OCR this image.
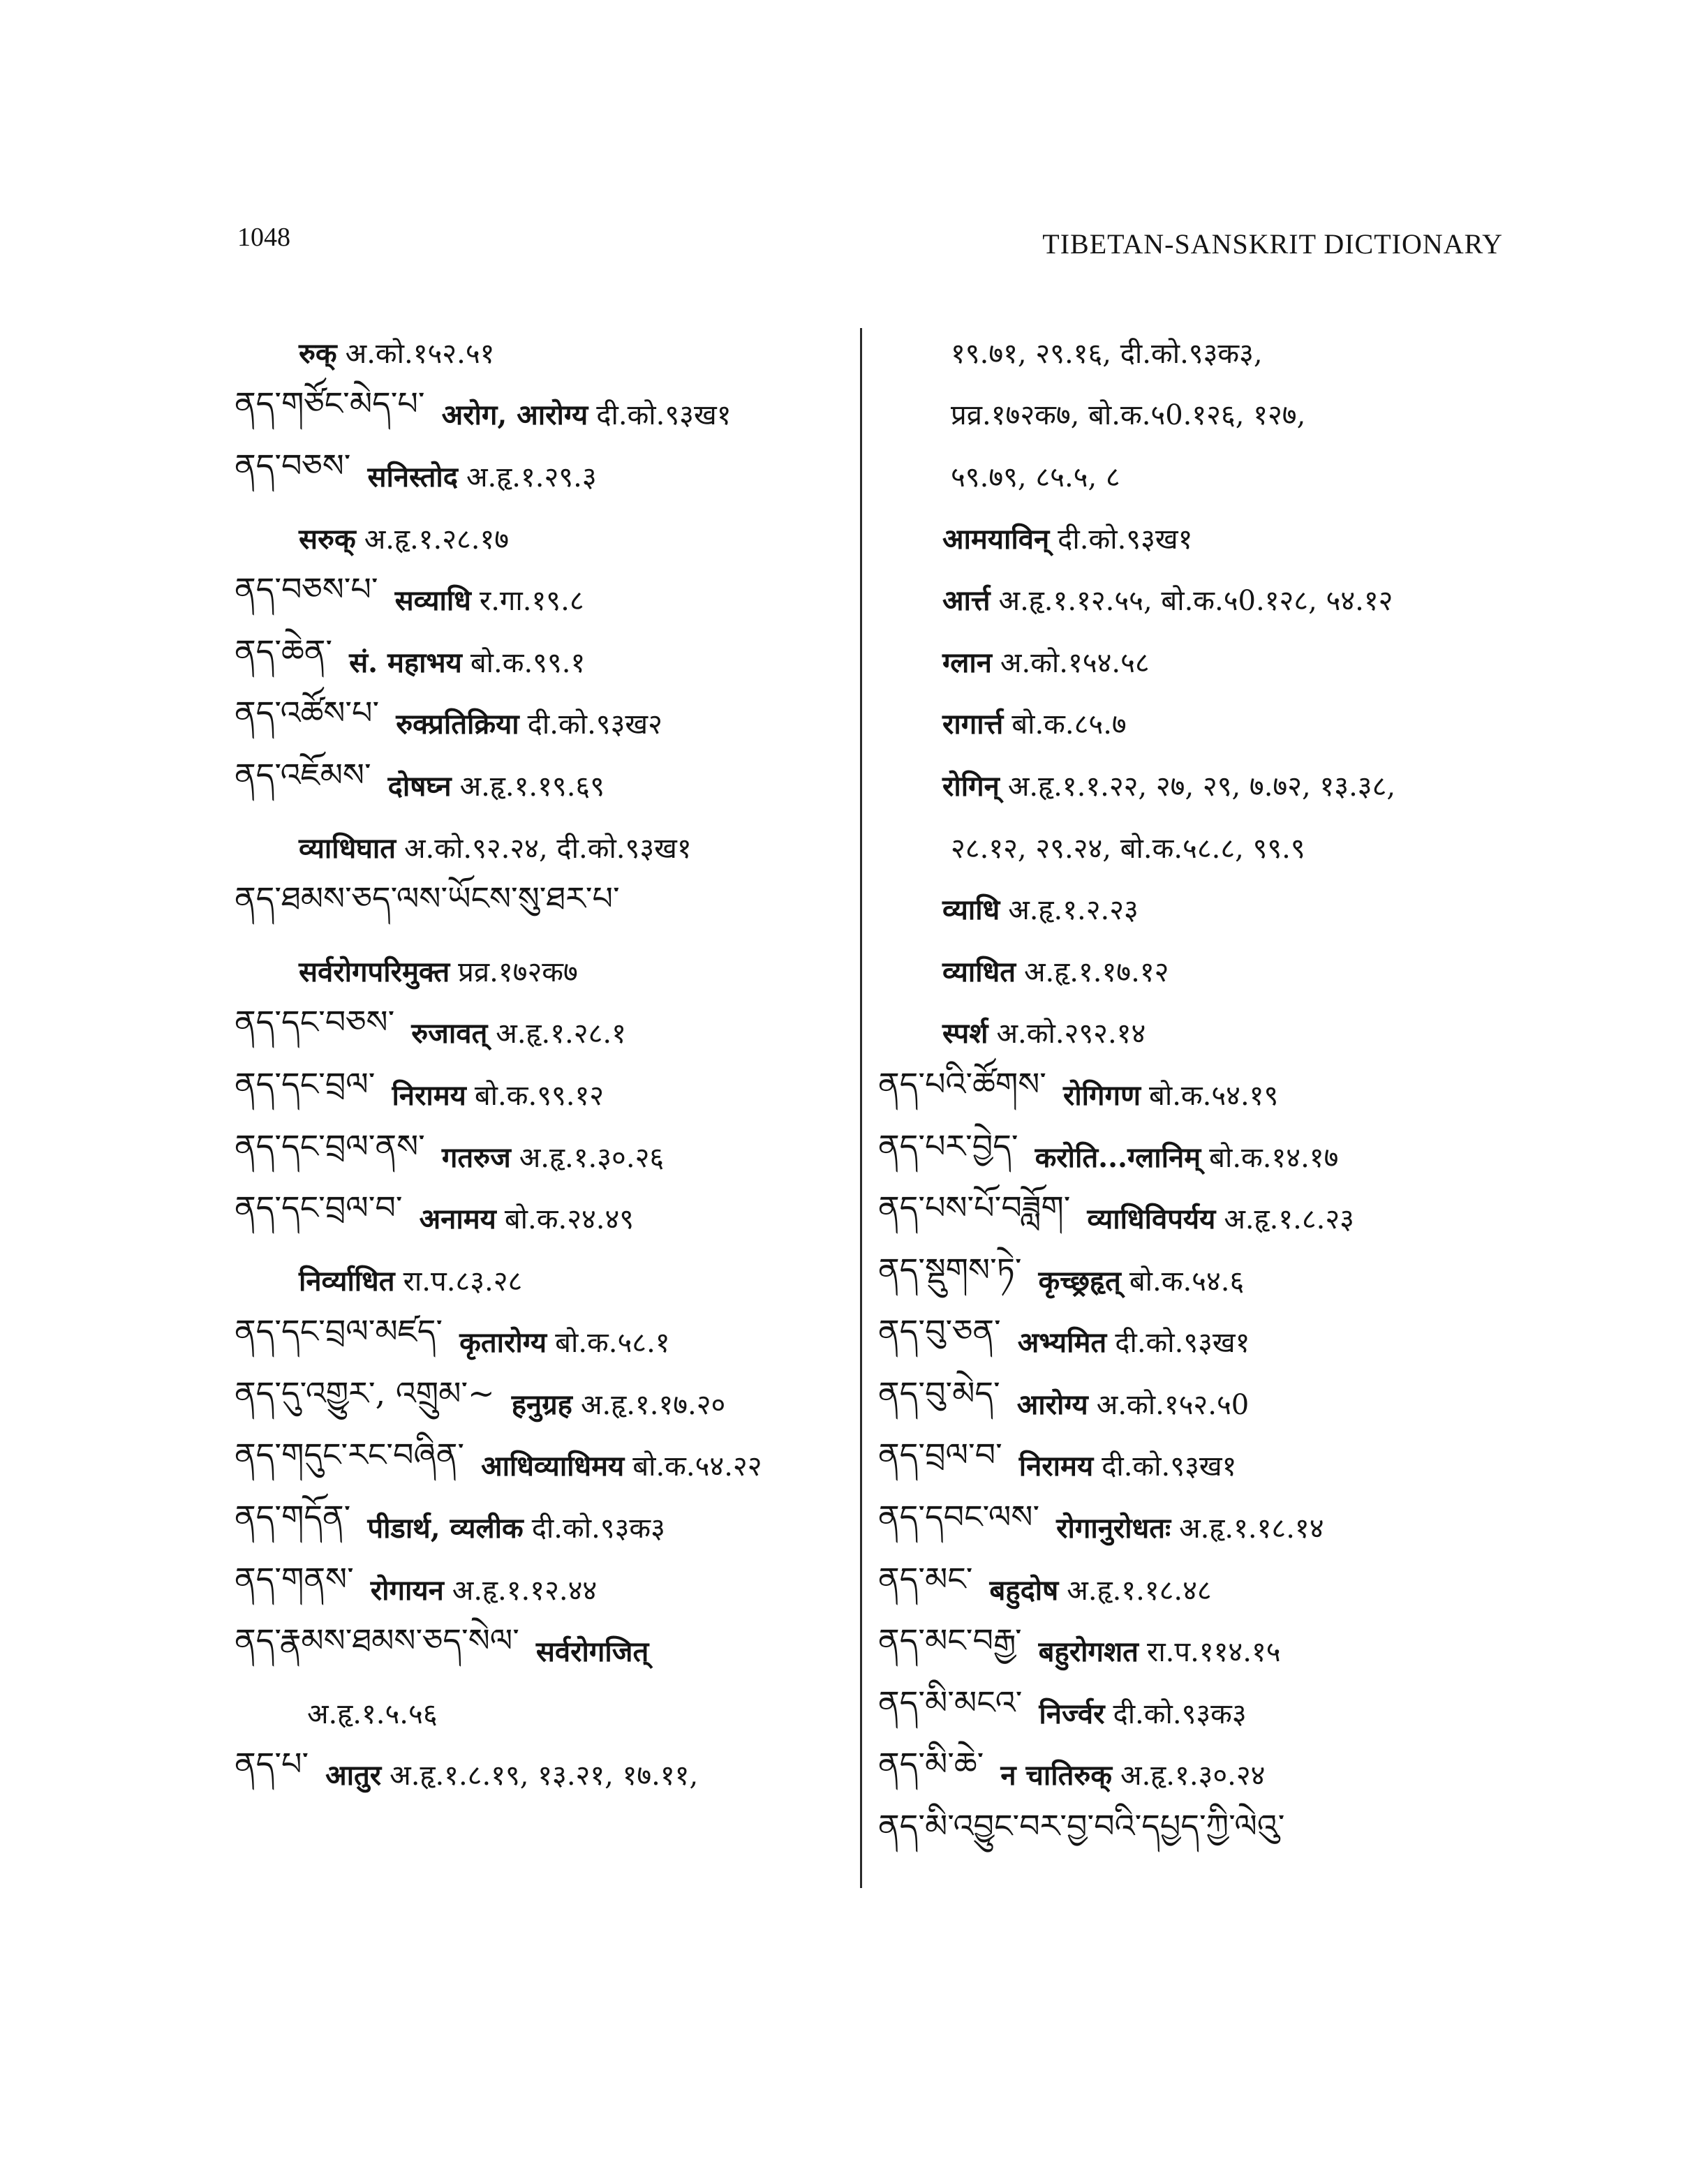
1048	TIBETAN-SANSKRIT DICTIONARY
रुक् अ.को.१५२.५१
ནད་གཙོང་མེད་པ་ अरोग, आरोग्य दी.को.९३ख१
ནད་བཅས་ सनिस्तोद अ.हृ.१.२९.३
सरुक् अ.हृ.१.२८.१७
ནད་བཅས་པ་ सव्याधि र.गा.१९.८
ནད་ཆེན་ सं. महाभय बो.क.९९.१
ནད་འཚོས་པ་ रुक्प्रतिक्रिया दी.को.९३ख२
ནད་འཇོམས་ दोषघ्न अ.हृ.१.१९.६९
व्याधिघात अ.को.९२.२४, दी.को.९३ख१
ནད་ཐམས་ཅད་ལས་ཡོངས་སུ་ཐར་པ་
सर्वरोगपरिमुक्त प्रव्र.१७२क७
ནད་དང་བཅས་ रुजावत् अ.हृ.१.२८.१
ནད་དང་བྲལ་ निरामय बो.क.९९.१२
ནད་དང་བྲལ་ནས་ गतरुज अ.हृ.१.३०.२६
ནད་དང་བྲལ་བ་ अनामय बो.क.२४.४९
निर्व्याधित रा.प.८३.२८
ནད་དང་བྲལ་མཛད་ कृतारोग्य बो.क.५८.१
ནད་དུ་འགྱུར་, འགྲུམ་~ हनुग्रह अ.हृ.१.१७.२०
ནད་གདུང་རང་བཞིན་ आधिव्याधिमय बो.क.५४.२२
ནད་གདོན་ पीडार्थ, व्यलीक दी.को.९३क३
ནད་གནས་ रोगायन अ.हृ.१.१२.४४
ནད་རྣམས་ཐམས་ཅད་སེལ་ सर्वरोगजित्
अ.हृ.१.५.५६
ནད་པ་ आतुर अ.हृ.१.८.१९, १३.२१, १७.११,
१९.७१, २९.१६, दी.को.९३क३,
प्रव्र.१७२क७, बो.क.५0.१२६, १२७,
५९.७९, ८५.५, ८
आमयाविन् दी.को.९३ख१
आर्त्त अ.हृ.१.१२.५५, बो.क.५0.१२८, ५४.१२
ग्लान अ.को.१५४.५८
रागार्त्त बो.क.८५.७
रोगिन् अ.हृ.१.१.२२, २७, २९, ७.७२, १३.३८,
२८.१२, २९.२४, बो.क.५८.८, ९९.९
व्याधि अ.हृ.१.२.२३
व्याधित अ.हृ.१.१७.१२
स्पर्श अ.को.२९२.१४
ནད་པའི་ཚོགས་ रोगिगण बो.क.५४.१९
ནད་པར་བྱེད་ करोति...ग्लानिम् बो.क.१४.१७
ནད་པས་པོ་བཟློག་ व्याधिविपर्यय अ.हृ.१.८.२३
ནད་སྡུགས་ཏེ་ कृच्छ्रहृत् बो.क.५४.६
ནད་བུ་ཅན་ अभ्यमित दी.को.९३ख१
ནད་བུ་མེད་ आरोग्य अ.को.१५२.५0
ནད་བྲལ་བ་ निरामय दी.को.९३ख१
ནད་དབང་ལས་ रोगानुरोधतः अ.हृ.१.१८.१४
ནད་མང་ बहुदोष अ.हृ.१.१८.४८
ནད་མང་བརྒྱ་ बहुरोगशत रा.प.११४.१५
ནད་མི་མངའ་ निर्ज्वर दी.को.९३क३
ནད་མི་ཆེ་ न चातिरुक् अ.हृ.१.३०.२४
ནད་མི་འབྱུང་བར་བྱ་བའི་དཔྱད་ཀྱི་ལེའུ་
